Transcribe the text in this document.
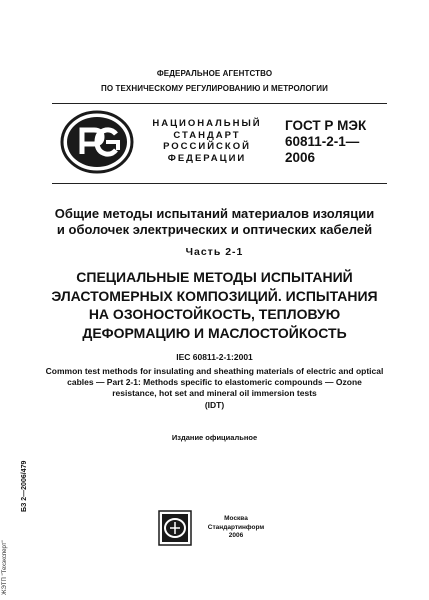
ФЕДЕРАЛЬНОЕ АГЕНТСТВО
ПО ТЕХНИЧЕСКОМУ РЕГУЛИРОВАНИЮ И МЕТРОЛОГИИ
НАЦИОНАЛЬНЫЙ
СТАНДАРТ
РОССИЙСКОЙ
ФЕДЕРАЦИИ
ГОСТ Р МЭК
60811-2-1—
2006
Общие методы испытаний материалов изоляции
и оболочек электрических и оптических кабелей
Часть 2-1
СПЕЦИАЛЬНЫЕ МЕТОДЫ ИСПЫТАНИЙ
ЭЛАСТОМЕРНЫХ КОМПОЗИЦИЙ. ИСПЫТАНИЯ
НА ОЗОНОСТОЙКОСТЬ, ТЕПЛОВУЮ
ДЕФОРМАЦИЮ И МАСЛОСТОЙКОСТЬ
IEC 60811-2-1:2001
Common test methods for insulating and sheathing materials of electric and optical
cables — Part 2-1: Methods specific to elastomeric compounds — Ozone
resistance, hot set and mineral oil immersion tests
(IDT)
Издание официальное
Москва
Стандартинформ
2006
ЖЭТП "Техэксперт"
БЗ 2—2006/479
